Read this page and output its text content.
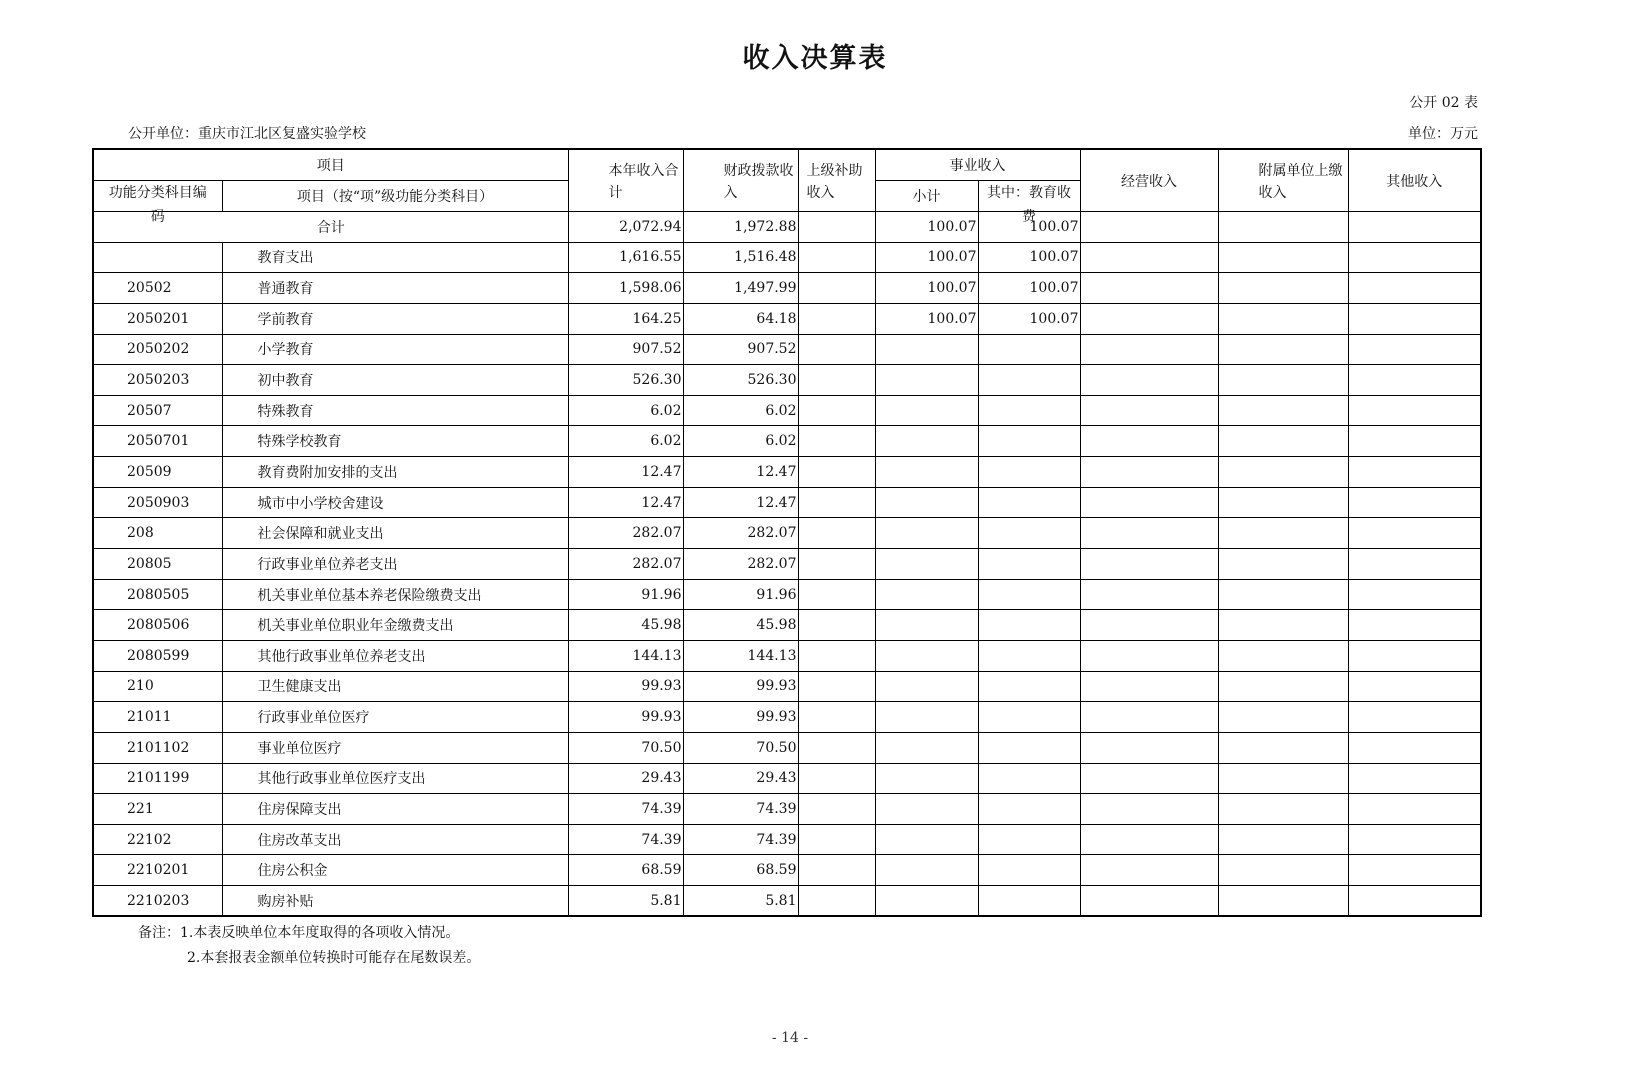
收入决算表
公开 02 表
公开单位：重庆市江北区复盛实验学校	单位：万元
项目		本年收入合计	财政拨款收入	上级补助收入	事业收入		经营收入	附属单位上缴收入	其他收入

功能分类科目编码	项目（按“项”级功能分类科目）				小计	其中：教育收费			

合计		2,072.94	1,972.88		100.07	100.07			
	教育支出	1,616.55	1,516.48		100.07	100.07			
20502	普通教育	1,598.06	1,497.99		100.07	100.07			
2050201	学前教育	164.25	64.18		100.07	100.07			
2050202	小学教育	907.52	907.52						
2050203	初中教育	526.30	526.30						
20507	特殊教育	6.02	6.02						
2050701	特殊学校教育	6.02	6.02						
20509	教育费附加安排的支出	12.47	12.47						
2050903	城市中小学校舍建设	12.47	12.47						
208	社会保障和就业支出	282.07	282.07						
20805	行政事业单位养老支出	282.07	282.07						
2080505	机关事业单位基本养老保险缴费支出	91.96	91.96						
2080506	机关事业单位职业年金缴费支出	45.98	45.98						
2080599	其他行政事业单位养老支出	144.13	144.13						
210	卫生健康支出	99.93	99.93						
21011	行政事业单位医疗	99.93	99.93						
2101102	事业单位医疗	70.50	70.50						
2101199	其他行政事业单位医疗支出	29.43	29.43						
221	住房保障支出	74.39	74.39						
22102	住房改革支出	74.39	74.39						
2210201	住房公积金	68.59	68.59						
2210203	购房补贴	5.81	5.81						
备注：1.本表反映单位本年度取得的各项收入情况。
2.本套报表金额单位转换时可能存在尾数误差。
- 14 -
